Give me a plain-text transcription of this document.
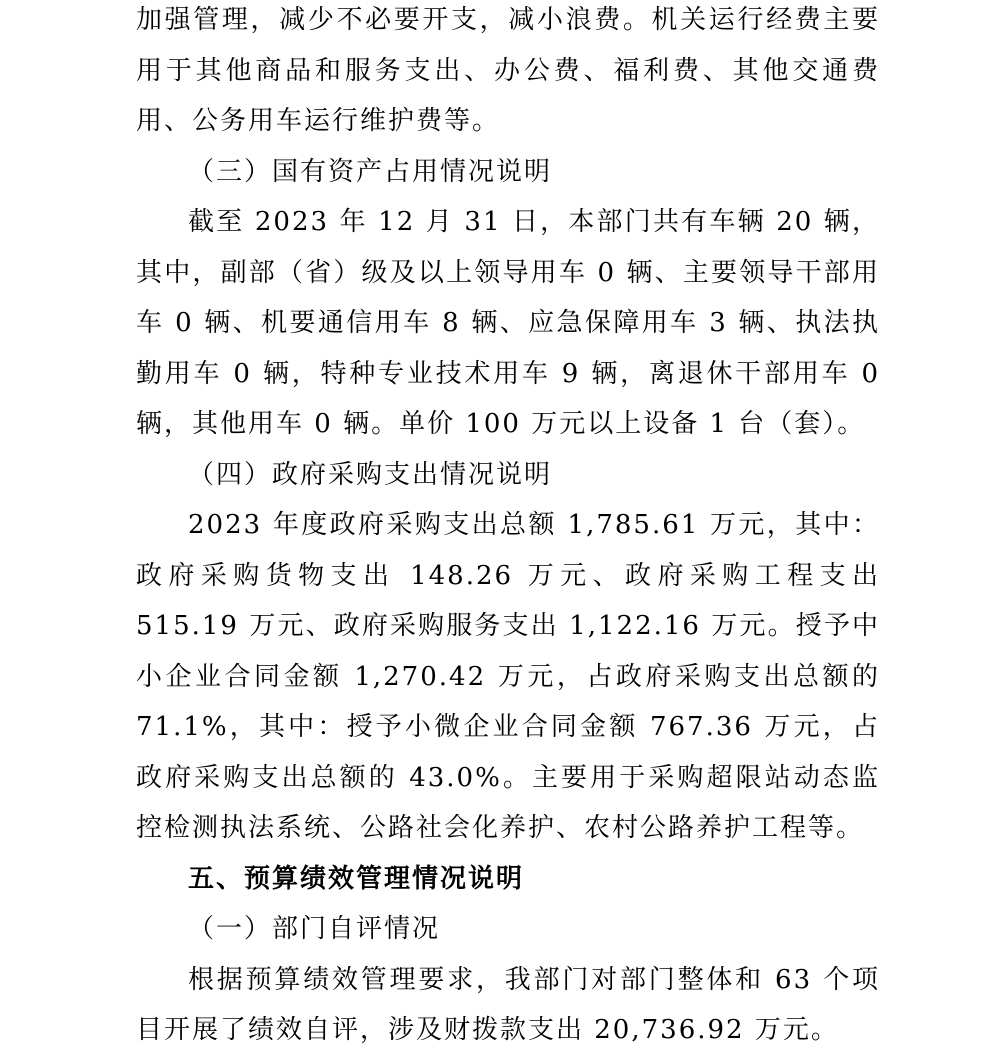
加强管理，减少不必要开支，减小浪费。机关运行经费主要用于其他商品和服务支出、办公费、福利费、其他交通费用、公务用车运行维护费等。

（三）国有资产占用情况说明

截至 2023 年 12 月 31 日，本部门共有车辆 20 辆，其中，副部（省）级及以上领导用车 0 辆、主要领导干部用车 0 辆、机要通信用车 8 辆、应急保障用车 3 辆、执法执勤用车 0 辆，特种专业技术用车 9 辆，离退休干部用车 0 辆，其他用车 0 辆。单价 100 万元以上设备 1 台（套）。

（四）政府采购支出情况说明

2023 年度政府采购支出总额 1,785.61 万元，其中：政府采购货物支出 148.26 万元、政府采购工程支出 515.19 万元、政府采购服务支出 1,122.16 万元。授予中小企业合同金额 1,270.42 万元，占政府采购支出总额的 71.1%，其中：授予小微企业合同金额 767.36 万元，占政府采购支出总额的 43.0%。主要用于采购超限站动态监控检测执法系统、公路社会化养护、农村公路养护工程等。

五、预算绩效管理情况说明

（一）部门自评情况

根据预算绩效管理要求，我部门对部门整体和 63 个项目开展了绩效自评，涉及财拨款支出 20,736.92 万元。
